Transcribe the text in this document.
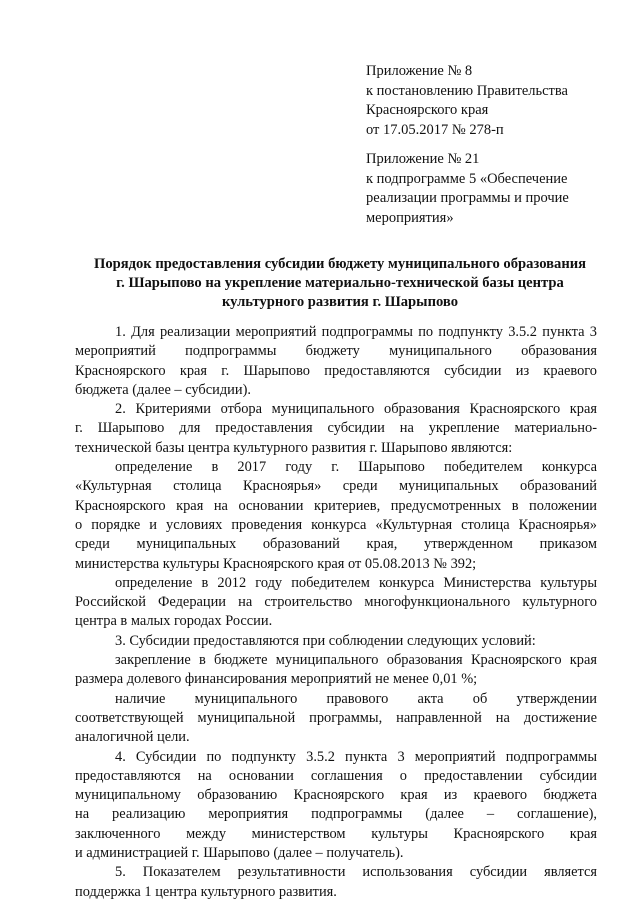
Приложение № 8
к постановлению Правительства
Красноярского края
от 17.05.2017 № 278-п
Приложение № 21
к подпрограмме 5 «Обеспечение
реализации программы и прочие
мероприятия»
Порядок предоставления субсидии бюджету муниципального образования
г. Шарыпово на укрепление материально-технической базы центра
культурного развития г. Шарыпово
1. Для реализации мероприятий подпрограммы по подпункту 3.5.2 пункта 3
мероприятий подпрограммы бюджету муниципального образования
Красноярского края г. Шарыпово предоставляются субсидии из краевого
бюджета (далее – субсидии).
2. Критериями отбора муниципального образования Красноярского края
г. Шарыпово для предоставления субсидии на укрепление материально-
технической базы центра культурного развития г. Шарыпово являются:
определение в 2017 году г. Шарыпово победителем конкурса
«Культурная столица Красноярья» среди муниципальных образований
Красноярского края на основании критериев, предусмотренных в положении
о порядке и условиях проведения конкурса «Культурная столица Красноярья»
среди муниципальных образований края, утвержденном приказом
министерства культуры Красноярского края от 05.08.2013 № 392;
определение в 2012 году победителем конкурса Министерства культуры
Российской Федерации на строительство многофункционального культурного
центра в малых городах России.
3. Субсидии предоставляются при соблюдении следующих условий:
закрепление в бюджете муниципального образования Красноярского края
размера долевого финансирования мероприятий не менее 0,01 %;
наличие муниципального правового акта об утверждении
соответствующей муниципальной программы, направленной на достижение
аналогичной цели.
4. Субсидии по подпункту 3.5.2 пункта 3 мероприятий подпрограммы
предоставляются на основании соглашения о предоставлении субсидии
муниципальному образованию Красноярского края из краевого бюджета
на реализацию мероприятия подпрограммы (далее – соглашение),
заключенного между министерством культуры Красноярского края
и администрацией г. Шарыпово (далее – получатель).
5. Показателем результативности использования субсидии является
поддержка 1 центра культурного развития.
